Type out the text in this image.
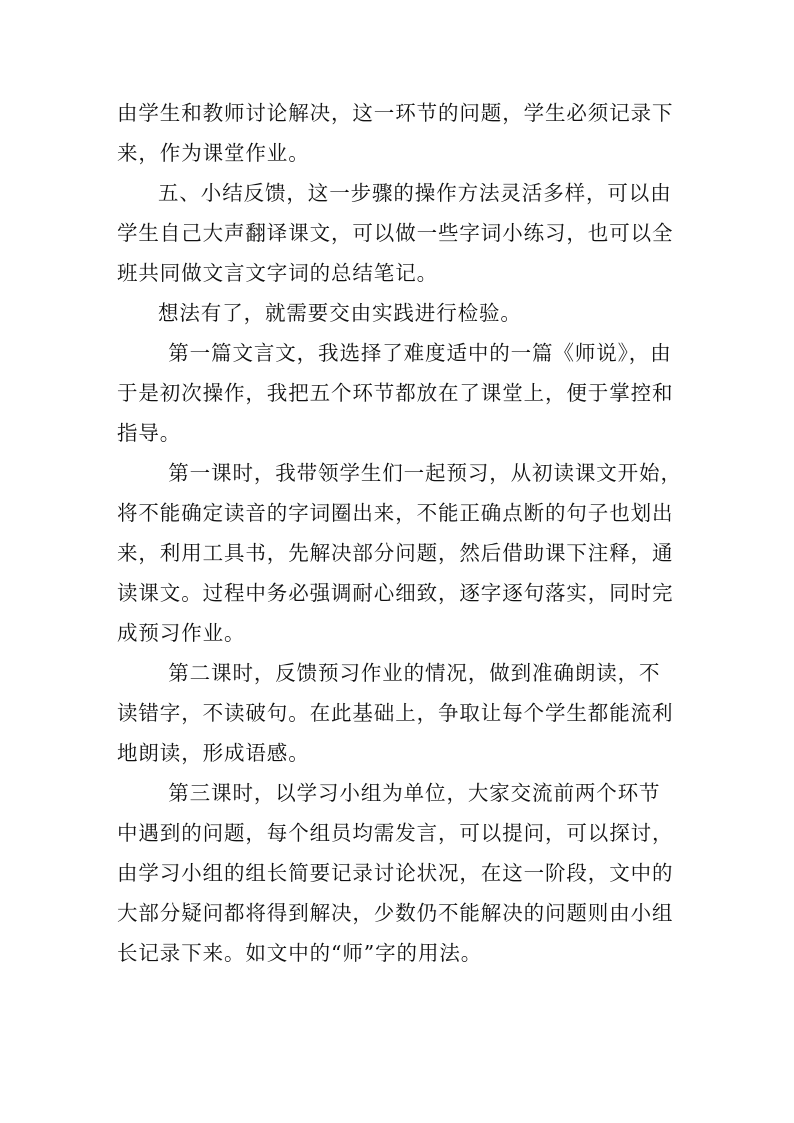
由学生和教师讨论解决，这一环节的问题，学生必须记录下
来，作为课堂作业。

五、小结反馈，这一步骤的操作方法灵活多样，可以由
学生自己大声翻译课文，可以做一些字词小练习，也可以全
班共同做文言文字词的总结笔记。

想法有了，就需要交由实践进行检验。

第一篇文言文，我选择了难度适中的一篇《师说》，由
于是初次操作，我把五个环节都放在了课堂上，便于掌控和
指导。

第一课时，我带领学生们一起预习，从初读课文开始，
将不能确定读音的字词圈出来，不能正确点断的句子也划出
来，利用工具书，先解决部分问题，然后借助课下注释，通
读课文。过程中务必强调耐心细致，逐字逐句落实，同时完
成预习作业。

第二课时，反馈预习作业的情况，做到准确朗读，不
读错字，不读破句。在此基础上，争取让每个学生都能流利
地朗读，形成语感。

第三课时，以学习小组为单位，大家交流前两个环节
中遇到的问题，每个组员均需发言，可以提问，可以探讨，
由学习小组的组长简要记录讨论状况，在这一阶段，文中的
大部分疑问都将得到解决，少数仍不能解决的问题则由小组
长记录下来。如文中的“师”字的用法。
